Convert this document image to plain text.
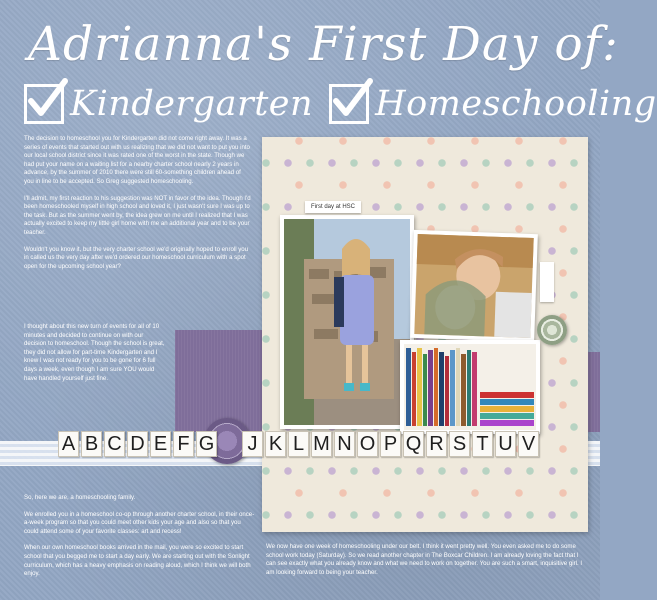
Adrianna's First Day of:
Kindergarten Homeschooling

The decision to homeschool you for Kindergarten did not come right away. It was a series of events that started out with us realizing that we did not want to put you into our local school district since it was rated one of the worst in the state. Though we had put your name on a waiting list for a nearby charter school nearly 2 years in advance, by the summer of 2010 there were still 60-something children ahead of you in line to be accepted. So Greg suggested homeschooling.

I'll admit, my first reaction to his suggestion was NOT in favor of the idea. Though I'd been homeschooled myself in high school and loved it, I just wasn't sure I was up to the task. But as the summer went by, the idea grew on me until I realized that I was actually excited to keep my little girl home with me an additional year and to be your teacher.

Wouldn't you know it, but the very charter school we'd originally hoped to enroll you in called us the very day after we'd ordered our homeschool curriculum with a spot open for the upcoming school year?

I thought about this new turn of events for all of 10 minutes and decided to continue on with our decision to homeschool. Though the school is great, they did not allow for part-time Kindergarten and I knew I was not ready for you to be gone for 6 full days a week, even though I am sure YOU would have handled yourself just fine.

So, here we are, a homeschooling family.

We enrolled you in a homeschool co-op through another charter school, in their once-a-week program so that you could meet other kids your age and also so that you could attend some of your favorite classes: art and recess!

When our own homeschool books arrived in the mail, you were so excited to start school that you begged me to start a day early. We are starting out with the Sonlight curriculum, which has a heavy emphasis on reading aloud, which I think we will both enjoy.

We now have one week of homeschooling under our belt. I think it went pretty well. You even asked me to do some school work today (Saturday). So we read another chapter in The Boxcar Children. I am already loving the fact that I can see exactly what you already know and what we need to work on together. You are such a smart, inquisitive girl. I am looking forward to being your teacher.

First day at HSC
A B C D E F G J K L M N O P Q R S T U V
